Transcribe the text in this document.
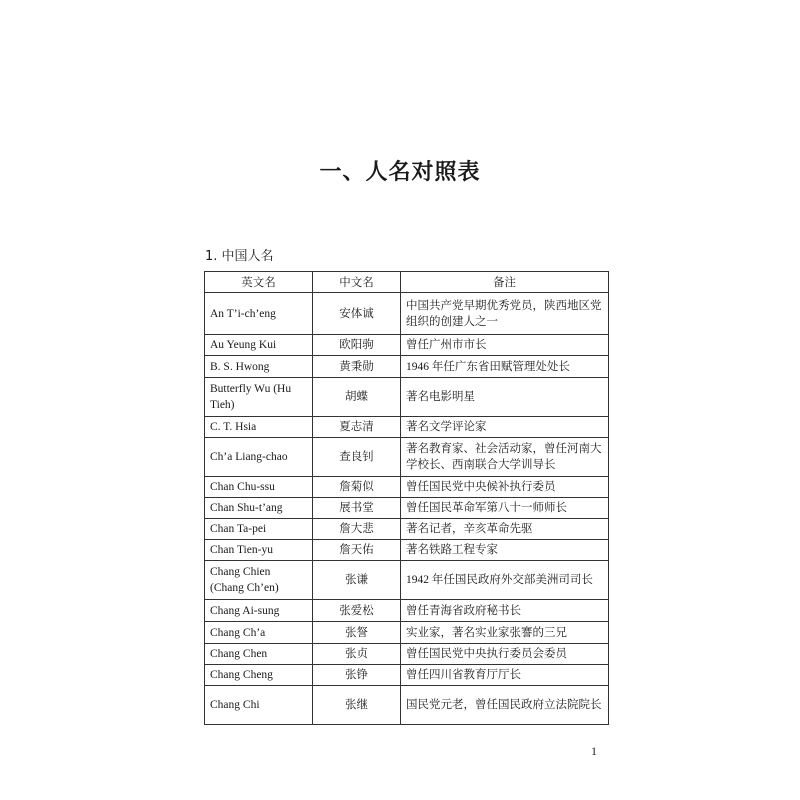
一、人名对照表
1. 中国人名
英文名	中文名	备注
An T’i-ch’eng	安体诚	中国共产党早期优秀党员，陕西地区党组织的创建人之一
Au Yeung Kui	欧阳驹	曾任广州市市长
B. S. Hwong	黄秉勋	1946 年任广东省田赋管理处处长
Butterfly Wu (Hu Tieh)	胡蝶	著名电影明星
C. T. Hsia	夏志清	著名文学评论家
Ch’a Liang-chao	查良钊	著名教育家、社会活动家，曾任河南大学校长、西南联合大学训导长
Chan Chu-ssu	詹菊似	曾任国民党中央候补执行委员
Chan Shu-t’ang	展书堂	曾任国民革命军第八十一师师长
Chan Ta-pei	詹大悲	著名记者，辛亥革命先驱
Chan Tien-yu	詹天佑	著名铁路工程专家
Chang Chien (Chang Ch’en)	张谦	1942 年任国民政府外交部美洲司司长
Chang Ai-sung	张爱松	曾任青海省政府秘书长
Chang Ch’a	张詧	实业家，著名实业家张謇的三兄
Chang Chen	张贞	曾任国民党中央执行委员会委员
Chang Cheng	张铮	曾任四川省教育厅厅长
Chang Chi	张继	国民党元老，曾任国民政府立法院院长
1
